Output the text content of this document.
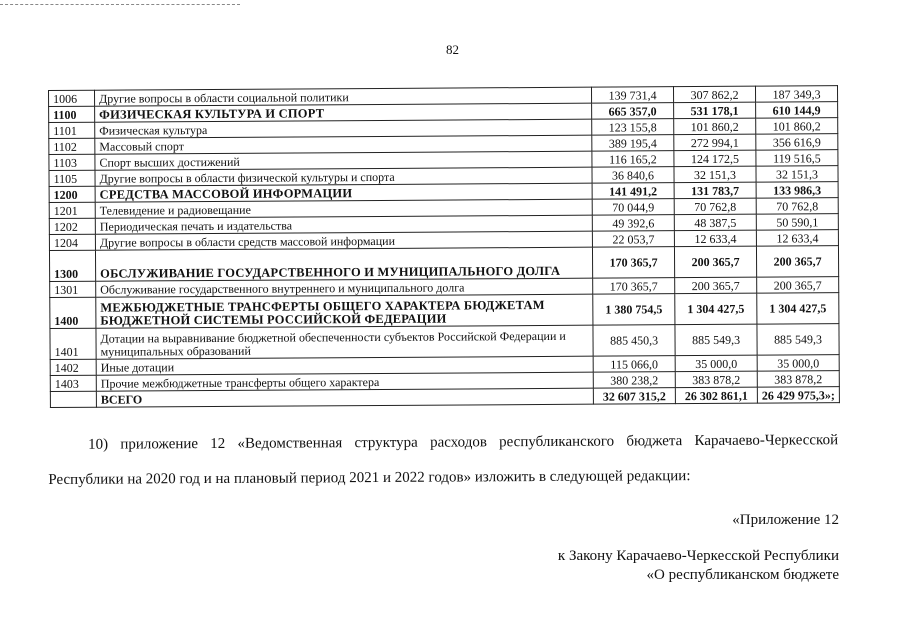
82
1006	Другие вопросы в области социальной политики	139 731,4	307 862,2	187 349,3
1100	ФИЗИЧЕСКАЯ КУЛЬТУРА И СПОРТ	665 357,0	531 178,1	610 144,9
1101	Физическая культура	123 155,8	101 860,2	101 860,2
1102	Массовый спорт	389 195,4	272 994,1	356 616,9
1103	Спорт высших достижений	116 165,2	124 172,5	119 516,5
1105	Другие вопросы в области физической культуры и спорта	36 840,6	32 151,3	32 151,3
1200	СРЕДСТВА МАССОВОЙ ИНФОРМАЦИИ	141 491,2	131 783,7	133 986,3
1201	Телевидение и радиовещание	70 044,9	70 762,8	70 762,8
1202	Периодическая печать и издательства	49 392,6	48 387,5	50 590,1
1204	Другие вопросы в области средств массовой информации	22 053,7	12 633,4	12 633,4
1300	ОБСЛУЖИВАНИЕ ГОСУДАРСТВЕННОГО И МУНИЦИПАЛЬНОГО ДОЛГА	170 365,7	200 365,7	200 365,7
1301	Обслуживание государственного внутреннего и муниципального долга	170 365,7	200 365,7	200 365,7
1400	МЕЖБЮДЖЕТНЫЕ ТРАНСФЕРТЫ ОБЩЕГО ХАРАКТЕРА БЮДЖЕТАМ БЮДЖЕТНОЙ СИСТЕМЫ РОССИЙСКОЙ ФЕДЕРАЦИИ	1 380 754,5	1 304 427,5	1 304 427,5
1401	Дотации на выравнивание бюджетной обеспеченности субъектов Российской Федерации и муниципальных образований	885 450,3	885 549,3	885 549,3
1402	Иные дотации	115 066,0	35 000,0	35 000,0
1403	Прочие межбюджетные трансферты общего характера	380 238,2	383 878,2	383 878,2
	ВСЕГО	32 607 315,2	26 302 861,1	26 429 975,3»;
10) приложение 12 «Ведомственная структура расходов республиканского бюджета Карачаево-Черкесской Республики на 2020 год и на плановый период 2021 и 2022 годов» изложить в следующей редакции:
«Приложение 12
к Закону Карачаево-Черкесской Республики
«О республиканском бюджете
